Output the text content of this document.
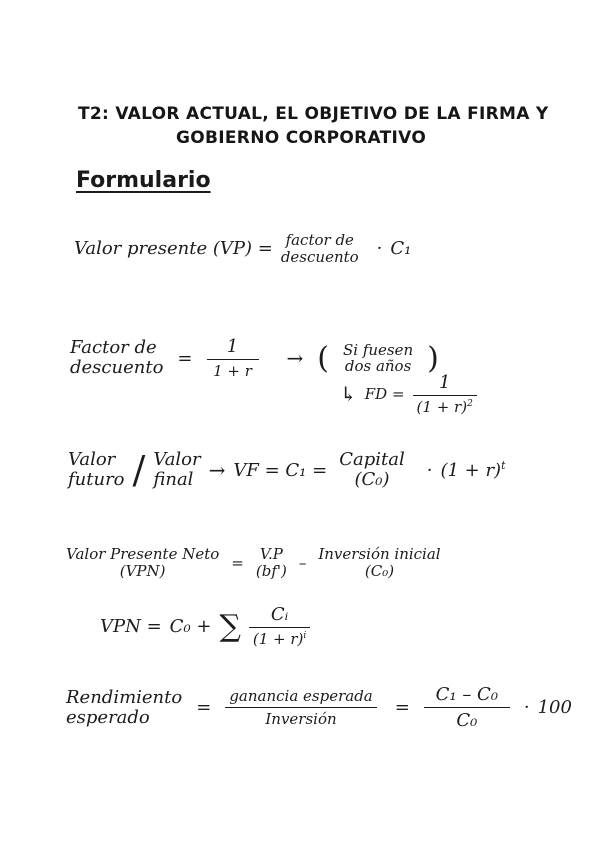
T2: VALOR ACTUAL, EL OBJETIVO DE LA FIRMA Y
GOBIERNO CORPORATIVO
Formulario
Valor presente (VP) = factor de
descuento · C₁
Factor de
descuento = $\frac{1}{1 + r}$ → ( Si fuesen
dos años )
↳ FD = $\frac{1}{(1 + r)^2}$
Valor
futuro / Valor
final → VF = C₁ = Capital
$(C_0) \cdot (1 + r)^t$
Valor Presente Neto
(VPN)	= V.P
(bf') – Inversión inicial
(C₀)
VPN = C₀ + ∑ $\frac{\text{Cᵢ}}{(1 + r)^i}$
Rendimiento
esperado	= $\frac{\text{ganancia esperada}}{\text{Inversión}} = \frac{\text{C₁ – C₀}}{\text{C₀}} \cdot 100$
